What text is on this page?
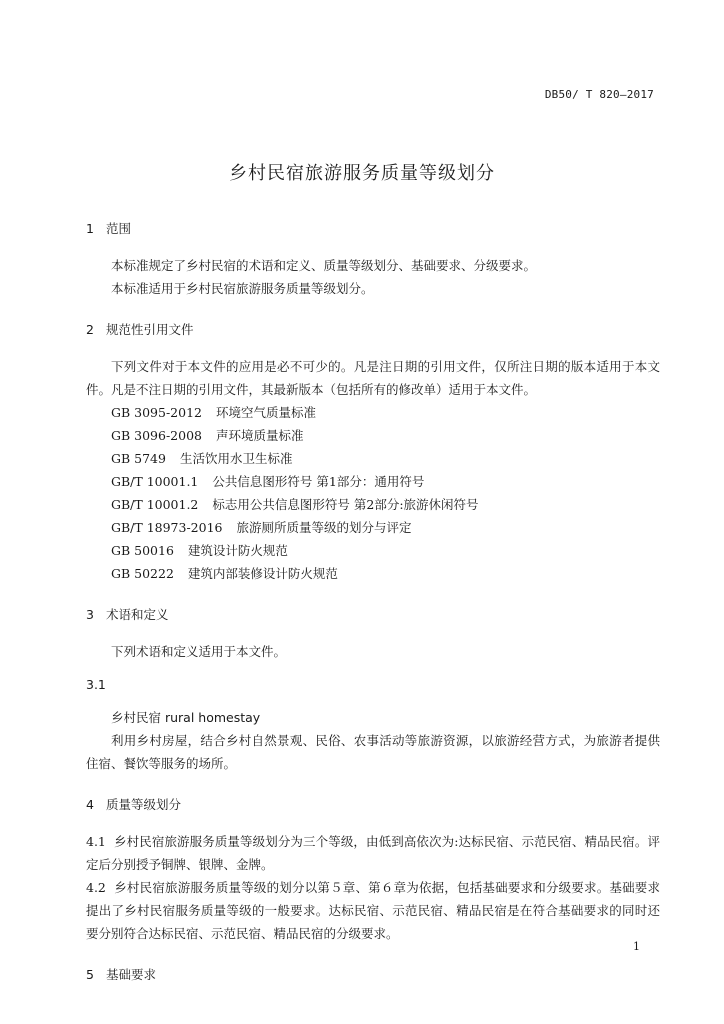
DB50/ T 820—2017
乡村民宿旅游服务质量等级划分
1 范围

本标准规定了乡村民宿的术语和定义、质量等级划分、基础要求、分级要求。

本标准适用于乡村民宿旅游服务质量等级划分。

2 规范性引用文件

下列文件对于本文件的应用是必不可少的。凡是注日期的引用文件，仅所注日期的版本适用于本文件。凡是不注日期的引用文件，其最新版本（包括所有的修改单）适用于本文件。

GB 3095-2012 环境空气质量标准

GB 3096-2008 声环境质量标准

GB 5749 生活饮用水卫生标准

GB/T 10001.1 公共信息图形符号 第1部分：通用符号

GB/T 10001.2 标志用公共信息图形符号 第2部分:旅游休闲符号

GB/T 18973-2016 旅游厕所质量等级的划分与评定

GB 50016 建筑设计防火规范

GB 50222 建筑内部装修设计防火规范

3 术语和定义

下列术语和定义适用于本文件。

3.1

乡村民宿 rural homestay

利用乡村房屋，结合乡村自然景观、民俗、农事活动等旅游资源，以旅游经营方式，为旅游者提供住宿、餐饮等服务的场所。

4 质量等级划分

4.1 乡村民宿旅游服务质量等级划分为三个等级，由低到高依次为:达标民宿、示范民宿、精品民宿。评定后分别授予铜牌、银牌、金牌。

4.2 乡村民宿旅游服务质量等级的划分以第５章、第６章为依据，包括基础要求和分级要求。基础要求提出了乡村民宿服务质量等级的一般要求。达标民宿、示范民宿、精品民宿是在符合基础要求的同时还要分别符合达标民宿、示范民宿、精品民宿的分级要求。

5 基础要求
1
